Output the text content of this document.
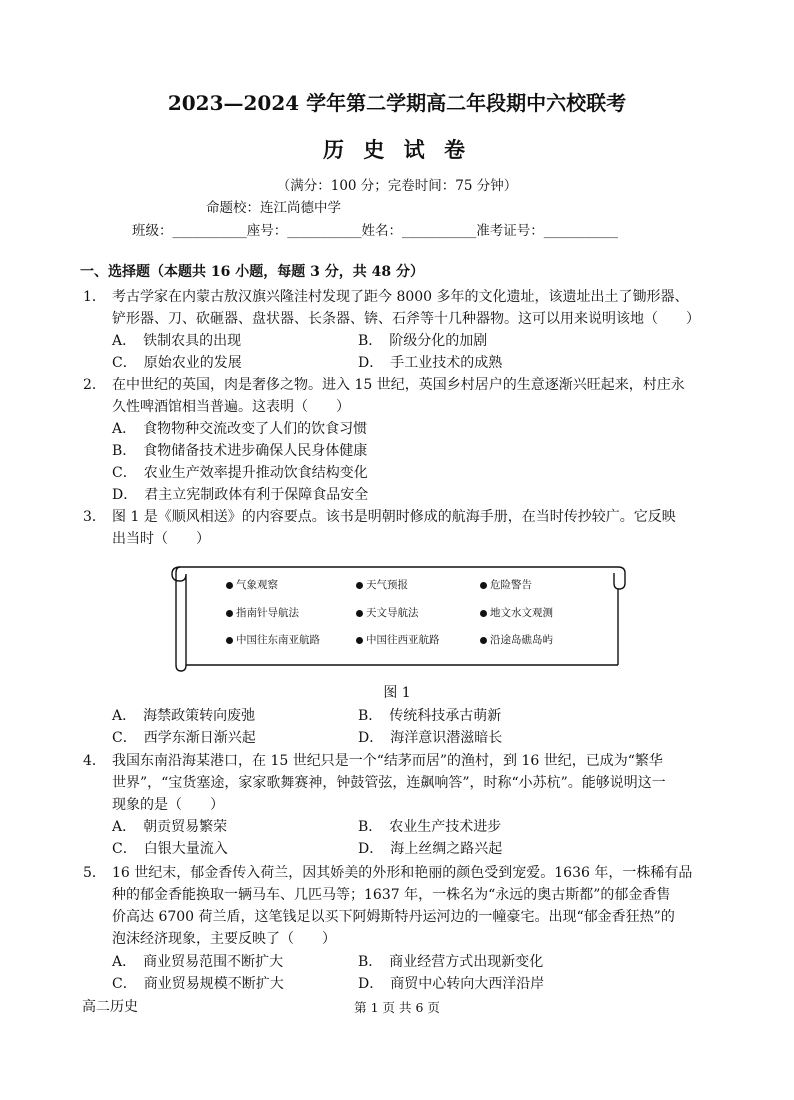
2023—2024 学年第二学期高二年段期中六校联考
历 史 试 卷
（满分：100 分；完卷时间：75 分钟）
命题校：连江尚德中学
班级：___________座号：___________姓名：___________准考证号：___________
一、选择题（本题共 16 小题，每题 3 分，共 48 分）
1． 考古学家在内蒙古敖汉旗兴隆洼村发现了距今 8000 多年的文化遗址，该遗址出土了锄形器、
铲形器、刀、砍砸器、盘状器、长条器、锛、石斧等十几种器物。这可以用来说明该地（　　）
A．　铁制农具的出现	B．　阶级分化的加剧
C．　原始农业的发展	D．　手工业技术的成熟
2． 在中世纪的英国，肉是奢侈之物。进入 15 世纪，英国乡村居户的生意逐渐兴旺起来，村庄永
久性啤酒馆相当普遍。这表明（　　）
A．　食物物种交流改变了人们的饮食习惯
B．　食物储备技术进步确保人民身体健康
C．　农业生产效率提升推动饮食结构变化
D．　君主立宪制政体有利于保障食品安全
3． 图 1 是《顺风相送》的内容要点。该书是明朝时修成的航海手册，在当时传抄较广。它反映
出当时（　　）
气象观察	天气预报	危险警告
指南针导航法	天文导航法	地文水文观测
中国往东南亚航路	中国往西亚航路	沿途岛礁岛屿
图 1
A．　海禁政策转向废弛	B．　传统科技承古萌新
C．　西学东渐日渐兴起	D．　海洋意识潜滋暗长
4． 我国东南沿海某港口，在 15 世纪只是一个“结茅而居”的渔村，到 16 世纪，已成为“繁华
世界”，“宝货塞途，家家歌舞赛神，钟鼓管弦，连飙响答”，时称“小苏杭”。能够说明这一
现象的是（　　）
A．　朝贡贸易繁荣	B．　农业生产技术进步
C．　白银大量流入	D．　海上丝绸之路兴起
5． 16 世纪末，郁金香传入荷兰，因其娇美的外形和艳丽的颜色受到宠爱。1636 年，一株稀有品
种的郁金香能换取一辆马车、几匹马等；1637 年，一株名为“永远的奥古斯都”的郁金香售
价高达 6700 荷兰盾，这笔钱足以买下阿姆斯特丹运河边的一幢豪宅。出现“郁金香狂热”的
泡沫经济现象，主要反映了（　　）
A．　商业贸易范围不断扩大	B．　商业经营方式出现新变化
C．　商业贸易规模不断扩大	D．　商贸中心转向大西洋沿岸
高二历史	第 1 页 共 6 页
